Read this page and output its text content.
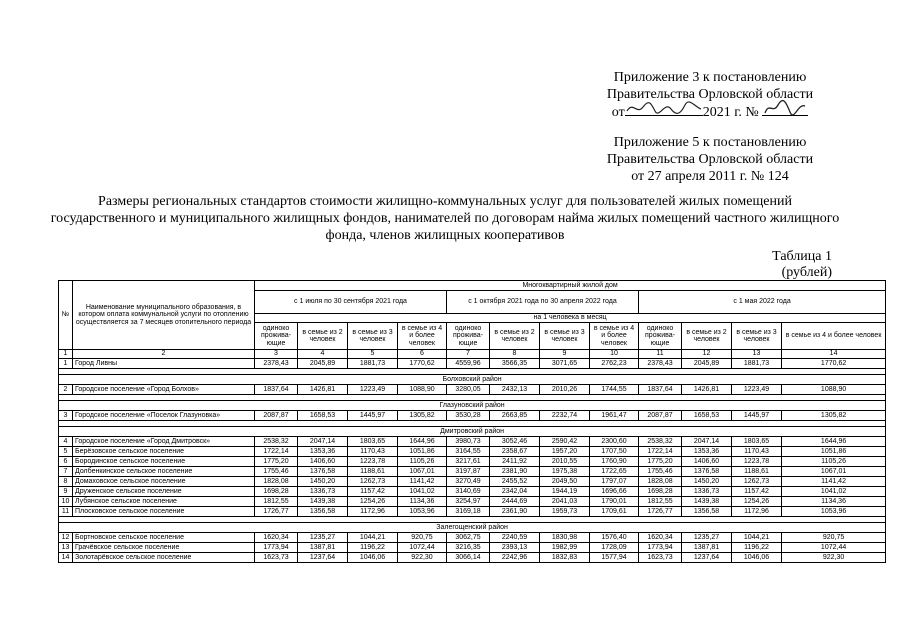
Приложение 3 к постановлению
Правительства Орловской области
от	2021 г. №
Приложение 5 к постановлению
Правительства Орловской области
от 27 апреля 2011 г. № 124
Размеры региональных стандартов стоимости жилищно-коммунальных услуг для пользователей жилых помещений государственного и муниципального жилищных фондов, нанимателей по договорам найма жилых помещений частного жилищного фонда, членов жилищных кооперативов
Таблица 1
(рублей)
№	Наименование муниципального образования, в котором оплата коммунальной услуги по отоплению осуществляется за 7 месяцев отопительного периода	Многоквартирный жилой дом											
		с 1 июля по 30 сентября 2021 года				с 1 октября 2021 года по 30 апреля 2022 года				с 1 мая 2022 года			
		на 1 человека в месяц											
		одиноко прожива-ющие	в семье из 2 человек	в семье из 3 человек	в семье из 4 и более человек	одиноко прожива-ющие	в семье из 2 человек	в семье из 3 человек	в семье из 4 и более человек	одиноко прожива-ющие	в семье из 2 человек	в семье из 3 человек	в семье из 4 и более человек
1	2	3	4	5	6	7	8	9	10	11	12	13	14
1	Город Ливны	2378,43	2045,89	1881,73	1770,62	4559,96	3566,35	3071,65	2762,23	2378,43	2045,89	1881,73	1770,62

Болховский район													
2	Городское поселение «Город Болхов»	1837,64	1426,81	1223,49	1088,90	3280,05	2432,13	2010,26	1744,55	1837,64	1426,81	1223,49	1088,90

Глазуновский район													
3	Городское поселение «Поселок Глазуновка»	2087,87	1658,53	1445,97	1305,82	3530,28	2663,85	2232,74	1961,47	2087,87	1658,53	1445,97	1305,82

Дмитровский район													
4	Городское поселение «Город Дмитровск»	2538,32	2047,14	1803,65	1644,96	3980,73	3052,46	2590,42	2300,60	2538,32	2047,14	1803,65	1644,96
5	Берёзовское сельское поселение	1722,14	1353,36	1170,43	1051,86	3164,55	2358,67	1957,20	1707,50	1722,14	1353,36	1170,43	1051,86
6	Бородинское сельское поселение	1775,20	1406,60	1223,78	1105,26	3217,61	2411,92	2010,55	1760,90	1775,20	1406,60	1223,78	1105,26
7	Долбенкинское сельское поселение	1755,46	1376,58	1188,61	1067,01	3197,87	2381,90	1975,38	1722,65	1755,46	1376,58	1188,61	1067,01
8	Домаховское сельское поселение	1828,08	1450,20	1262,73	1141,42	3270,49	2455,52	2049,50	1797,07	1828,08	1450,20	1262,73	1141,42
9	Друженское сельское поселение	1698,28	1336,73	1157,42	1041,02	3140,69	2342,04	1944,19	1696,66	1698,28	1336,73	1157,42	1041,02
10	Лубянское сельское поселение	1812,55	1439,38	1254,26	1134,36	3254,97	2444,69	2041,03	1790,01	1812,55	1439,38	1254,26	1134,36
11	Плосковское сельское поселение	1726,77	1356,58	1172,96	1053,96	3169,18	2361,90	1959,73	1709,61	1726,77	1356,58	1172,96	1053,96

Залегощенский район													
12	Бортновское сельское поселение	1620,34	1235,27	1044,21	920,75	3062,75	2240,59	1830,98	1576,40	1620,34	1235,27	1044,21	920,75
13	Грачёвское сельское поселение	1773,94	1387,81	1196,22	1072,44	3216,35	2393,13	1982,99	1728,09	1773,94	1387,81	1196,22	1072,44
14	Золотарёвское сельское поселение	1623,73	1237,64	1046,06	922,30	3066,14	2242,96	1832,83	1577,94	1623,73	1237,64	1046,06	922,30
